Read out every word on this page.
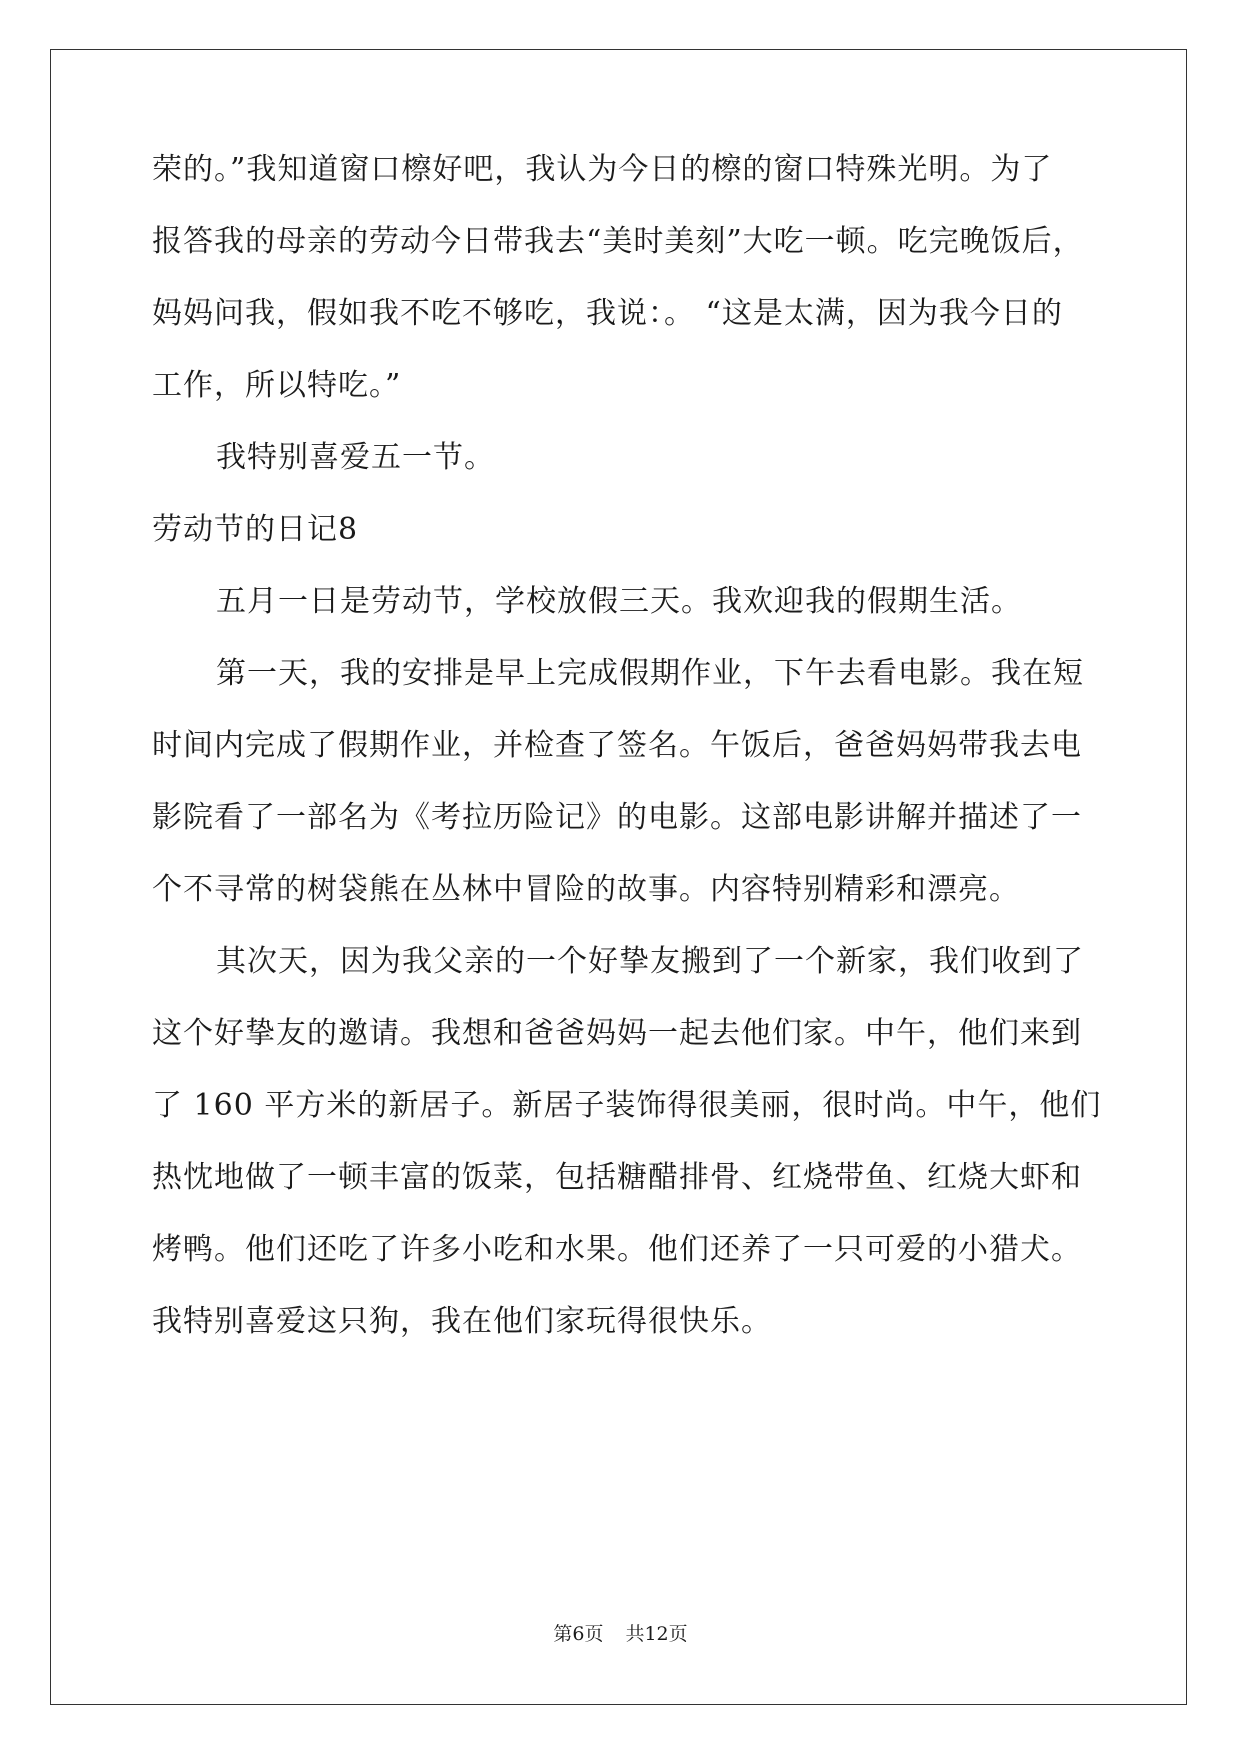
荣的。”我知道窗口檫好吧，我认为今日的檫的窗口特殊光明。为了
报答我的母亲的劳动今日带我去“美时美刻”大吃一顿。吃完晚饭后，
妈妈问我，假如我不吃不够吃，我说：。 “这是太满，因为我今日的
工作，所以特吃。”
我特别喜爱五一节。
劳动节的日记8
五月一日是劳动节，学校放假三天。我欢迎我的假期生活。
第一天，我的安排是早上完成假期作业，下午去看电影。我在短
时间内完成了假期作业，并检查了签名。午饭后，爸爸妈妈带我去电
影院看了一部名为《考拉历险记》的电影。这部电影讲解并描述了一
个不寻常的树袋熊在丛林中冒险的故事。内容特别精彩和漂亮。
其次天，因为我父亲的一个好挚友搬到了一个新家，我们收到了
这个好挚友的邀请。我想和爸爸妈妈一起去他们家。中午，他们来到
了 160 平方米的新居子。新居子装饰得很美丽，很时尚。中午，他们
热忱地做了一顿丰富的饭菜，包括糖醋排骨、红烧带鱼、红烧大虾和
烤鸭。他们还吃了许多小吃和水果。他们还养了一只可爱的小猎犬。
我特别喜爱这只狗，我在他们家玩得很快乐。
第6页 共12页
